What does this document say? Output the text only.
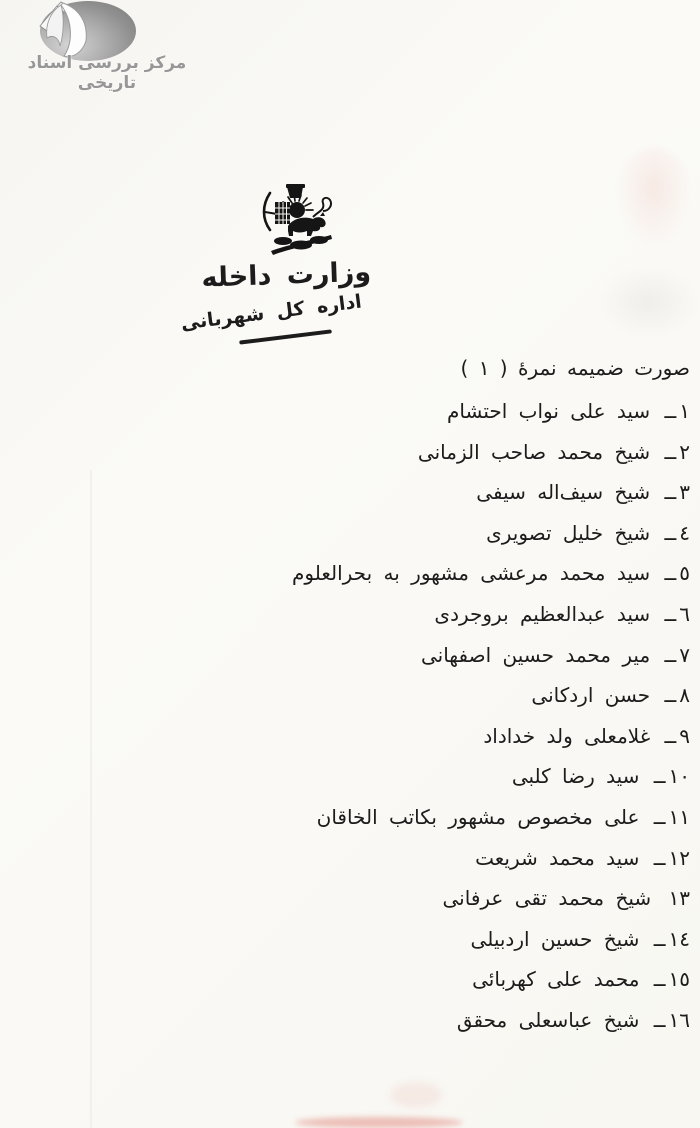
مرکز بررسی اسناد تاریخی
وزارت داخله
اداره کل شهربانی
صورت ضمیمه نمرهٔ ( ١ )
١ــ سید علی نواب احتشام
٢ــ شیخ محمد صاحب الزمانی
٣ــ شیخ سیف‌اله سیفی
٤ــ شیخ خلیل تصویری
٥ــ سید محمد مرعشی مشهور به بحرالعلوم
٦ــ سید عبدالعظیم بروجردی
٧ــ میر محمد حسین اصفهانی
٨ــ حسن اردکانی
٩ــ غلامعلی ولد خداداد
١٠ــ سید رضا کلبی
١١ــ علی مخصوص مشهور بکاتب الخاقان
١٢ــ سید محمد شریعت
١٣ شیخ محمد تقی عرفانی
١٤ــ شیخ حسین اردبیلی
١٥ــ محمد علی کهربائی
١٦ــ شیخ عباسعلی محقق
